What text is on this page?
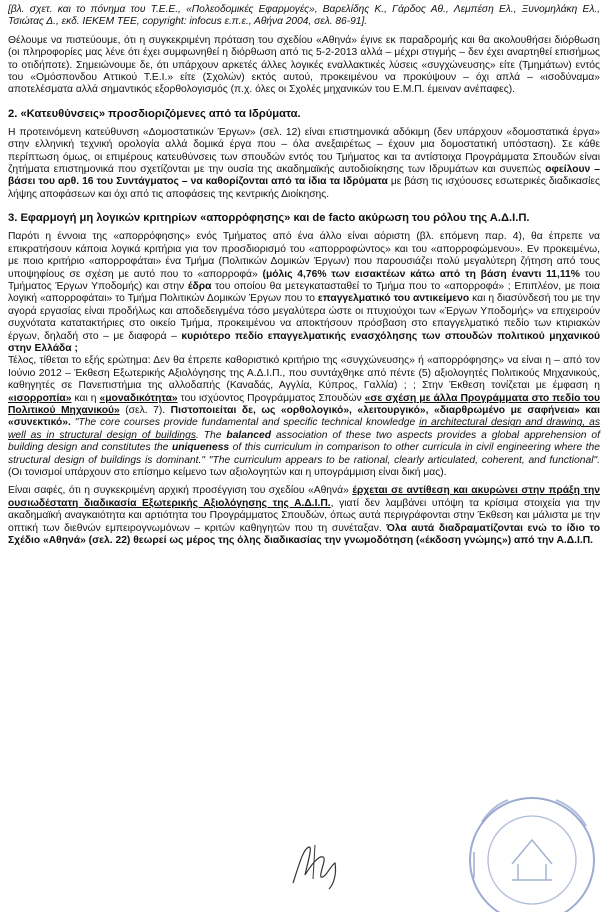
[βλ. σχετ. και το πόνημα του Τ.Ε.Ε., «Πολεοδομικές Εφαρμογές», Βαρελίδης Κ., Γάρδος Αθ., Λεμπέση Ελ., Ξυνομηλάκη Ελ., Τσιώτας Δ., εκδ. ΙΕΚΕΜ ΤΕΕ, copyright: infocus ε.π.ε., Αθήνα 2004, σελ. 86-91].

Θέλουμε να πιστεύουμε, ότι η συγκεκριμένη πρόταση του σχεδίου «Αθηνά» έγινε εκ παραδρομής και θα ακολουθήσει διόρθωση (οι πληροφορίες μας λένε ότι έχει συμφωνηθεί η διόρθωση από τις 5-2-2013 αλλά – μέχρι στιγμής – δεν έχει αναρτηθεί επισήμως το οτιδήποτε). Σημειώνουμε δε, ότι υπάρχουν αρκετές άλλες λογικές εναλλακτικές λύσεις «συγχώνευσης» είτε (Τμημάτων) εντός του «Ομόσπονδου Αττικού Τ.Ε.Ι.» είτε (Σχολών) εκτός αυτού, προκειμένου να προκύψουν – όχι απλά – «ισοδύναμα» αποτελέσματα αλλά σημαντικός εξορθολογισμός (π.χ. όλες οι Σχολές μηχανικών του Ε.Μ.Π. έμειναν ανέπαφες).

2. «Κατευθύνσεις» προσδιοριζόμενες από τα Ιδρύματα.

Η προτεινόμενη κατεύθυνση «Δομοστατικών Έργων» (σελ. 12) είναι επιστημονικά αδόκιμη (δεν υπάρχουν «δομοστατικά έργα» στην ελληνική τεχνική ορολογία αλλά δομικά έργα που – όλα ανεξαιρέτως – έχουν μια δομοστατική υπόσταση). Σε κάθε περίπτωση όμως, οι επιμέρους κατευθύνσεις των σπουδών εντός του Τμήματος και τα αντίστοιχα Προγράμματα Σπουδών είναι ζητήματα επιστημονικά που σχετίζονται με την ουσία της ακαδημαϊκής αυτοδιοίκησης των Ιδρυμάτων και συνεπώς οφείλουν – βάσει του αρθ. 16 του Συντάγματος – να καθορίζονται από τα ίδια τα Ιδρύματα με βάση τις ισχύουσες εσωτερικές διαδικασίες λήψης αποφάσεων και όχι από τις αποφάσεις της κεντρικής Διοίκησης.

3. Εφαρμογή μη λογικών κριτηρίων «απορρόφησης» και de facto ακύρωση του ρόλου της Α.Δ.Ι.Π.

Παρότι η έννοια της «απορρόφησης» ενός Τμήματος από ένα άλλο είναι αόριστη (βλ. επόμενη παρ. 4), θα έπρεπε να επικρατήσουν κάποια λογικά κριτήρια για τον προσδιορισμό του «απορροφώντος» και του «απορροφώμενου». Εν προκειμένω, με ποιο κριτήριο «απορροφάται» ένα Τμήμα (Πολιτικών Δομικών Έργων) που παρουσιάζει πολύ μεγαλύτερη ζήτηση από τους υποψηφίους σε σχέση με αυτό που το «απορροφά» (μόλις 4,76% των εισακτέων κάτω από τη βάση έναντι 11,11% του Τμήματος Έργων Υποδομής) και στην έδρα του οποίου θα μετεγκατασταθεί το Τμήμα που το «απορροφά» ; Επιπλέον, με ποια λογική «απορροφάται» το Τμήμα Πολιτικών Δομικών Έργων που το επαγγελματικό του αντικείμενο και η διασύνδεσή του με την αγορά εργασίας είναι προδήλως και αποδεδειγμένα τόσο μεγαλύτερα ώστε οι πτυχιούχοι των «Έργων Υποδομής» να επιχειρούν συχνότατα κατατακτήριες στο οικείο Τμήμα, προκειμένου να αποκτήσουν πρόσβαση στο επαγγελματικό πεδίο των κτιριακών έργων, δηλαδή στο – με διαφορά – κυριότερο πεδίο επαγγελματικής ενασχόλησης των σπουδών πολιτικού μηχανικού στην Ελλάδα ;

Τέλος, τίθεται το εξής ερώτημα: Δεν θα έπρεπε καθοριστικό κριτήριο της «συγχώνευσης» ή «απορρόφησης» να είναι η – από τον Ιούνιο 2012 – Έκθεση Εξωτερικής Αξιολόγησης της Α.Δ.Ι.Π., που συντάχθηκε από πέντε (5) αξιολογητές Πολιτικούς Μηχανικούς, καθηγητές σε Πανεπιστήμια της αλλοδαπής (Καναδάς, Αγγλία, Κύπρος, Γαλλία) ; ; Στην Έκθεση τονίζεται με έμφαση η «ισορροπία» και η «μοναδικότητα» του ισχύοντος Προγράμματος Σπουδών «σε σχέση με άλλα Προγράμματα στο πεδίο του Πολιτικού Μηχανικού» (σελ. 7). Πιστοποιείται δε, ως «ορθολογικό», «λειτουργικό», «διαρθρωμένο με σαφήνεια» και «συνεκτικό». "The core courses provide fundamental and specific technical knowledge in architectural design and drawing, as well as in structural design of buildings. The balanced association of these two aspects provides a global apprehension of building design and constitutes the uniqueness of this curriculum in comparison to other curricula in civil engineering where the structural design of buildings is dominant." "The curriculum appears to be rational, clearly articulated, coherent, and functional". (Οι τονισμοί υπάρχουν στο επίσημο κείμενο των αξιολογητών και η υπογράμμιση είναι δική μας).

Είναι σαφές, ότι η συγκεκριμένη αρχική προσέγγιση του σχεδίου «Αθηνά» έρχεται σε αντίθεση και ακυρώνει στην πράξη την ουσιωδέστατη διαδικασία Εξωτερικής Αξιολόγησης της Α.Δ.Ι.Π., γιατί δεν λαμβάνει υπόψη τα κρίσιμα στοιχεία για την ακαδημαϊκή αναγκαιότητα και αρτιότητα του Προγράμματος Σπουδών, όπως αυτά περιγράφονται στην Έκθεση και μάλιστα με την οπτική των διεθνών εμπειρογνωμόνων – κριτών καθηγητών που τη συνέταξαν. Όλα αυτά διαδραματίζονται ενώ το ίδιο το Σχέδιο «Αθηνά» (σελ. 22) θεωρεί ως μέρος της όλης διαδικασίας την γνωμοδότηση («έκδοση γνώμης») από την Α.Δ.Ι.Π.
